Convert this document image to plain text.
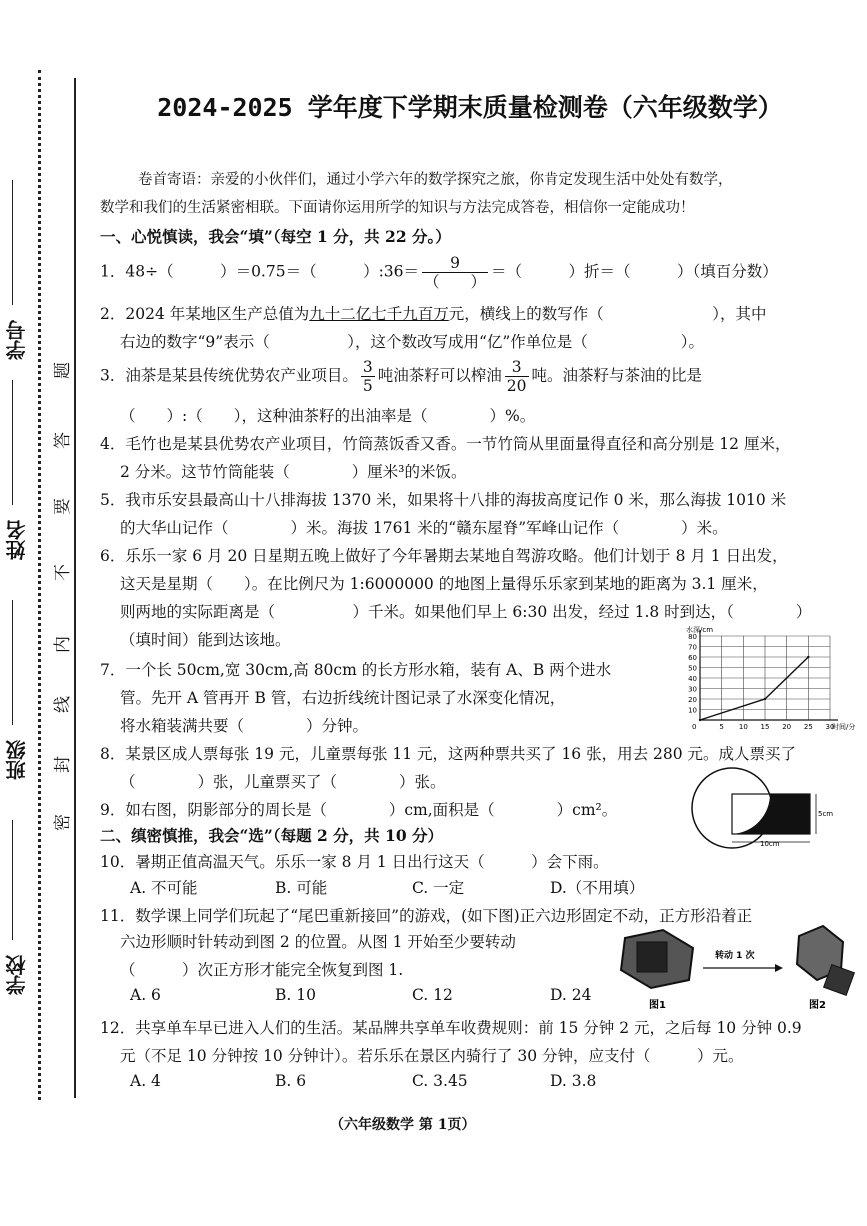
学校
班级
姓名
学号
密
封
线
内
不
要
答
题
2024-2025 学年度下学期末质量检测卷（六年级数学）
卷首寄语：亲爱的小伙伴们，通过小学六年的数学探究之旅，你肯定发现生活中处处有数学，
数学和我们的生活紧密相联。下面请你运用所学的知识与方法完成答卷，相信你一定能成功！
一、心悦慎读，我会“填”（每空 1 分，共 22 分。）
1．48÷（　　　）＝0.75＝（　　　）:36＝ $\frac{9}{( )}$ ＝（　　　）折＝（　　　）（填百分数）
2．2024 年某地区生产总值为九十二亿七千九百万元，横线上的数写作（　　　　　　　），其中
右边的数字“9”表示（　　　　　），这个数改写成用“亿”作单位是（　　　　　　）。
3．油茶是某县传统优势农产业项目。 $\frac{3}{5}$ 吨油茶籽可以榨油 $\frac{3}{20}$ 吨。油茶籽与茶油的比是
（　　）:（　　），这种油茶籽的出油率是（　　　　）%。
4．毛竹也是某县优势农产业项目，竹筒蒸饭香又香。一节竹筒从里面量得直径和高分别是 12 厘米，
2 分米。这节竹筒能装（　　　　）厘米³的米饭。
5．我市乐安县最高山十八排海拔 1370 米，如果将十八排的海拔高度记作 0 米，那么海拔 1010 米
的大华山记作（　　　　）米。海拔 1761 米的“赣东屋脊”军峰山记作（　　　　）米。
6．乐乐一家 6 月 20 日星期五晚上做好了今年暑期去某地自驾游攻略。他们计划于 8 月 1 日出发，
这天是星期（　　）。在比例尺为 1:6000000 的地图上量得乐乐家到某地的距离为 3.1 厘米，
则两地的实际距离是（　　　　　）千米。如果他们早上 6:30 出发，经过 1.8 时到达，（　　　　）
（填时间）能到达该地。
7．一个长 50cm,宽 30cm,高 80cm 的长方形水箱，装有 A、B 两个进水
管。先开 A 管再开 B 管，右边折线统计图记录了水深变化情况，
将水箱装满共要（　　　　）分钟。
8．某景区成人票每张 19 元，儿童票每张 11 元，这两种票共买了 16 张，用去 280 元。成人票买了
（　　　　）张，儿童票买了（　　　　）张。
9．如右图，阴影部分的周长是（　　　　）cm,面积是（　　　　）cm²。
二、缜密慎推，我会“选”（每题 2 分，共 10 分）
10．暑期正值高温天气。乐乐一家 8 月 1 日出行这天（　　　）会下雨。
A. 不可能	B. 可能	C. 一定	D.（不用填）
11．数学课上同学们玩起了“尾巴重新接回”的游戏，(如下图)正六边形固定不动，正方形沿着正
六边形顺时针转动到图 2 的位置。从图 1 开始至少要转动
（　　　）次正方形才能完全恢复到图 1.
A. 6	B. 10	C. 12	D. 24
12．共享单车早已进入人们的生活。某品牌共享单车收费规则：前 15 分钟 2 元，之后每 10 分钟 0.9
元（不足 10 分钟按 10 分钟计）。若乐乐在景区内骑行了 30 分钟，应支付（　　　）元。
A. 4	B. 6	C. 3.45	D. 3.8
10
20
30
40
50
60
70
80
5 10 15 20 25 30
0
水深/cm
时间/分
10cm
5cm
图1
转动 1 次
图2
（六年级数学 第 1页）
